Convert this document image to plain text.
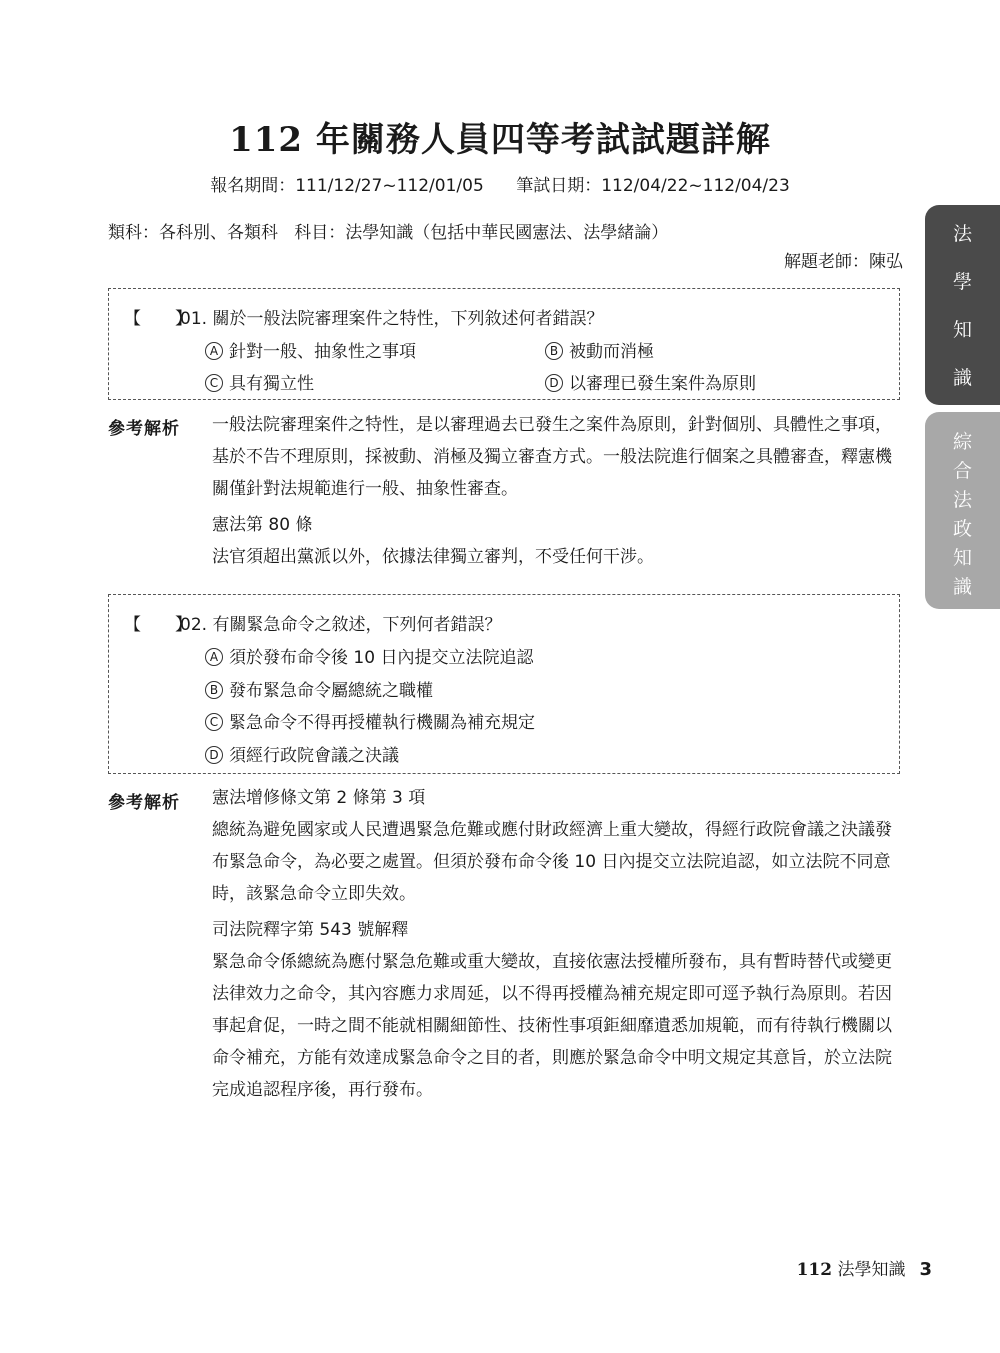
112 年關務人員四等考試試題詳解
報名期間：111/12/27~112/01/05 筆試日期：112/04/22~112/04/23
類科：各科別、各類科 科目：法學知識（包括中華民國憲法、法學緒論）
解題老師：陳弘
【　　】01. 關於一般法院審理案件之特性，下列敘述何者錯誤？
A 針對一般、抽象性之事項	B 被動而消極
C 具有獨立性	D 以審理已發生案件為原則
參考解析 一般法院審理案件之特性，是以審理過去已發生之案件為原則，針對個別、具體性之事項，基於不告不理原則，採被動、消極及獨立審查方式。一般法院進行個案之具體審查，釋憲機關僅針對法規範進行一般、抽象性審查。

憲法第 80 條

法官須超出黨派以外，依據法律獨立審判，不受任何干涉。

【　　】02. 有關緊急命令之敘述，下列何者錯誤？
A 須於發布命令後 10 日內提交立法院追認
B 發布緊急命令屬總統之職權
C 緊急命令不得再授權執行機關為補充規定
D 須經行政院會議之決議
參考解析 憲法增修條文第 2 條第 3 項

總統為避免國家或人民遭遇緊急危難或應付財政經濟上重大變故，得經行政院會議之決議發布緊急命令，為必要之處置。但須於發布命令後 10 日內提交立法院追認，如立法院不同意時，該緊急命令立即失效。

司法院釋字第 543 號解釋

緊急命令係總統為應付緊急危難或重大變故，直接依憲法授權所發布，具有暫時替代或變更法律效力之命令，其內容應力求周延，以不得再授權為補充規定即可逕予執行為原則。若因事起倉促，一時之間不能就相關細節性、技術性事項鉅細靡遺悉加規範，而有待執行機關以命令補充，方能有效達成緊急命令之目的者，則應於緊急命令中明文規定其意旨，於立法院完成追認程序後，再行發布。

法
學
知
識
綜
合
法
政
知
識
112 法學知識 3
